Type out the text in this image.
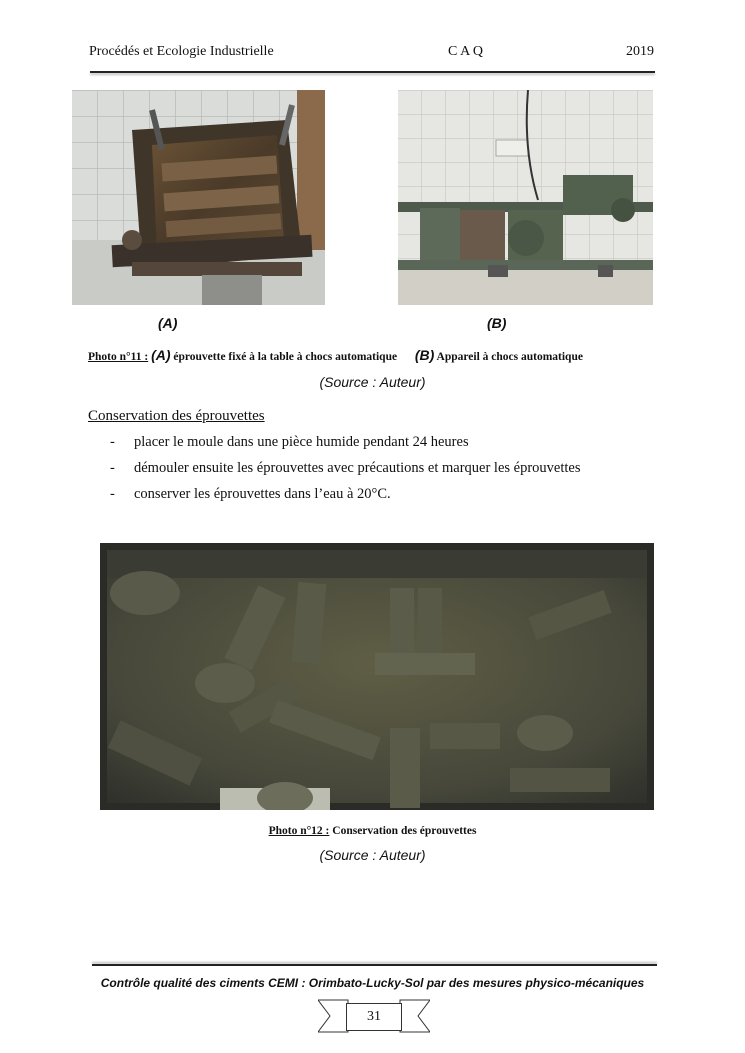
Procédés et Ecologie Industrielle	C A Q	2019
(A)	(B)
Photo n°11 : (A) éprouvette fixé à la table à chocs automatique (B) Appareil à chocs automatique
(Source : Auteur)
Conservation des éprouvettes
- placer le moule dans une pièce humide pendant 24 heures
- démouler ensuite les éprouvettes avec précautions et marquer les éprouvettes
- conserver les éprouvettes dans l’eau à 20°C.
Photo n°12 : Conservation des éprouvettes
(Source : Auteur)
Contrôle qualité des ciments CEMI : Orimbato-Lucky-Sol par des mesures physico-mécaniques
31
